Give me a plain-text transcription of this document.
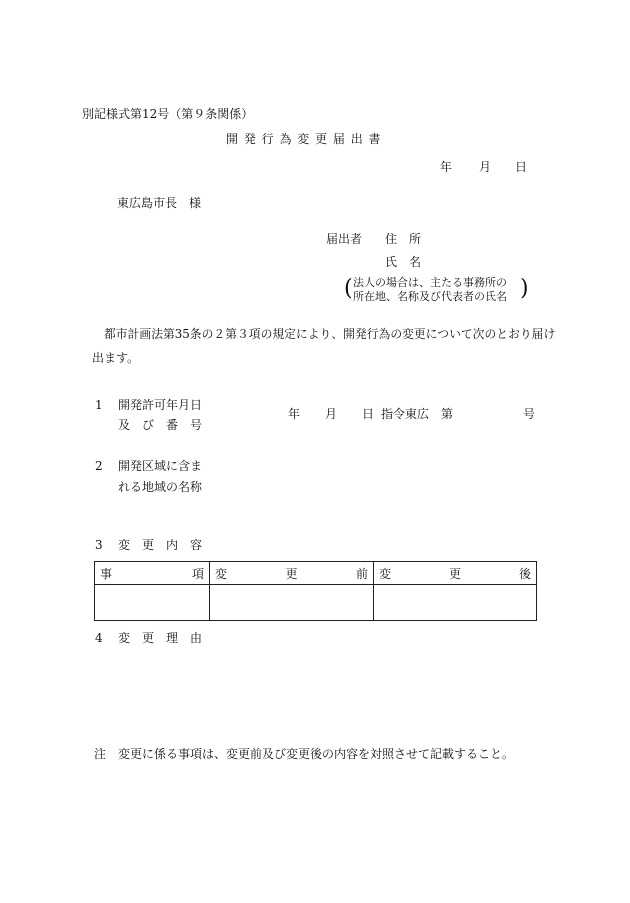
別記様式第12号（第９条関係）
開 発 行 為 変 更 届 出 書
年 月 日
東広島市長　様
届出者 住　所
氏　名
( 法人の場合は、主たる事務所の
所在地、名称及び代表者の氏名 )
都市計画法第35条の２第３項の規定により、開発行為の変更について次のとおり届け
出ます。
1 開発許可年月日
及　び　番　号
年 月 日 指令東広　第	号
2 開発区域に含ま
れる地域の名称
3 変　更　内　容
事 項	変 更 前	変 更 後

4 変　更　理　由
注　変更に係る事項は、変更前及び変更後の内容を対照させて記載すること。
